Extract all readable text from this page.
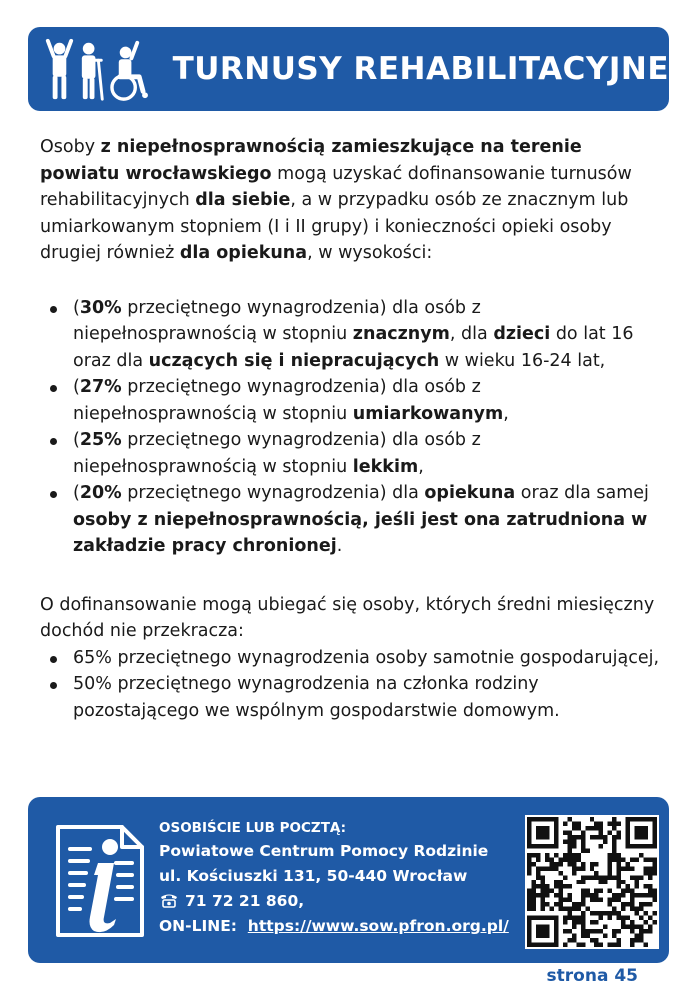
TURNUSY REHABILITACYJNE

Osoby z niepełnosprawnością zamieszkujące na terenie powiatu wrocławskiego mogą uzyskać dofinansowanie turnusów rehabilitacyjnych dla siebie, a w przypadku osób ze znacznym lub umiarkowanym stopniem (I i II grupy) i konieczności opieki osoby drugiej również dla opiekuna, w wysokości:

(30% przeciętnego wynagrodzenia) dla osób z niepełnosprawnością w stopniu znacznym, dla dzieci do lat 16 oraz dla uczących się i niepracujących w wieku 16-24 lat,
(27% przeciętnego wynagrodzenia) dla osób z niepełnosprawnością w stopniu umiarkowanym,
(25% przeciętnego wynagrodzenia) dla osób z niepełnosprawnością w stopniu lekkim,
(20% przeciętnego wynagrodzenia) dla opiekuna oraz dla samej osoby z niepełnosprawnością, jeśli jest ona zatrudniona w zakładzie pracy chronionej.

O dofinansowanie mogą ubiegać się osoby, których średni miesięczny dochód nie przekracza:

65% przeciętnego wynagrodzenia osoby samotnie gospodarującej,
50% przeciętnego wynagrodzenia na członka rodziny pozostającego we wspólnym gospodarstwie domowym.
OSOBIŚCIE LUB POCZTĄ:
Powiatowe Centrum Pomocy Rodzinie
ul. Kościuszki 131, 50-440 Wrocław
71 72 21 860,
ON-LINE: https://www.sow.pfron.org.pl/
strona 45
